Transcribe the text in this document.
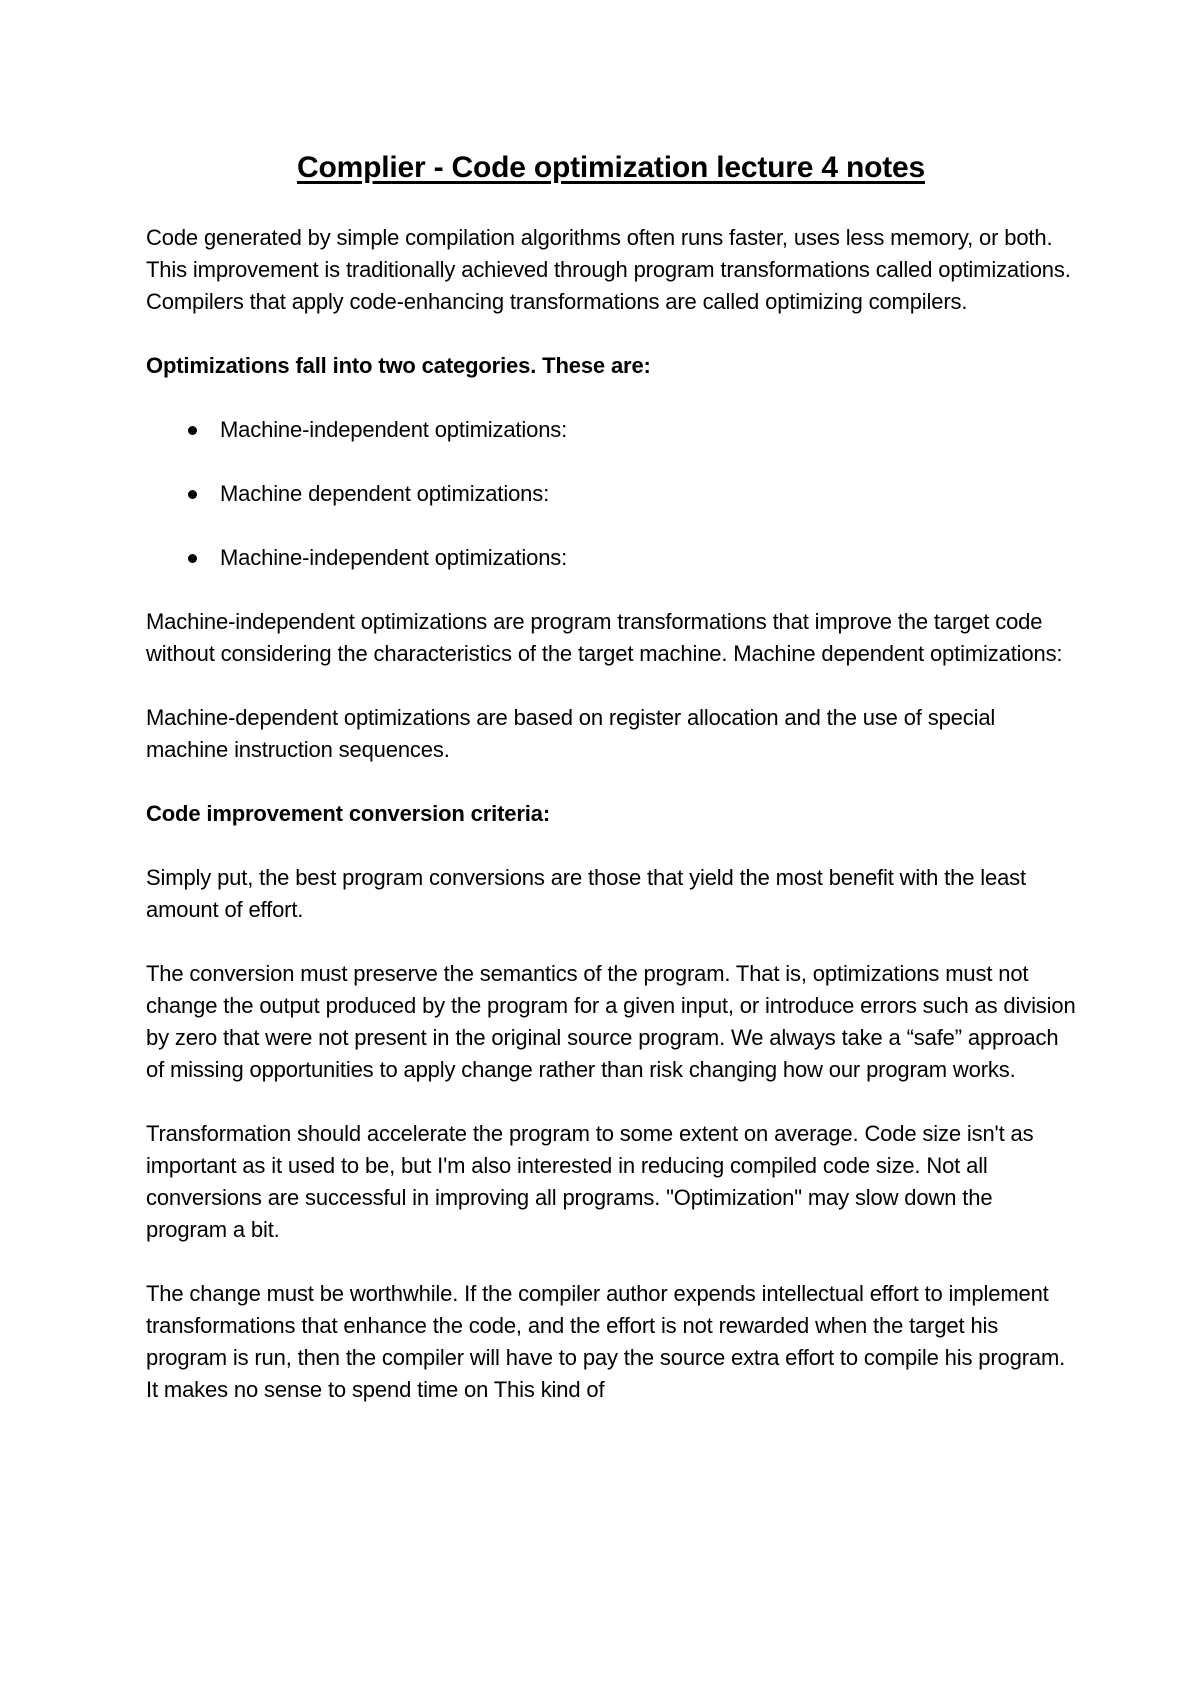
Complier - Code optimization lecture 4 notes

Code generated by simple compilation algorithms often runs faster, uses less memory, or both. This improvement is traditionally achieved through program transformations called optimizations. Compilers that apply code-enhancing transformations are called optimizing compilers.

Optimizations fall into two categories. These are:

Machine-independent optimizations:
Machine dependent optimizations:
Machine-independent optimizations:

Machine-independent optimizations are program transformations that improve the target code without considering the characteristics of the target machine. Machine dependent optimizations:

Machine-dependent optimizations are based on register allocation and the use of special machine instruction sequences.

Code improvement conversion criteria:

Simply put, the best program conversions are those that yield the most benefit with the least amount of effort.

The conversion must preserve the semantics of the program. That is, optimizations must not change the output produced by the program for a given input, or introduce errors such as division by zero that were not present in the original source program. We always take a “safe” approach of missing opportunities to apply change rather than risk changing how our program works.

Transformation should accelerate the program to some extent on average. Code size isn't as important as it used to be, but I'm also interested in reducing compiled code size. Not all conversions are successful in improving all programs. "Optimization" may slow down the program a bit.

The change must be worthwhile. If the compiler author expends intellectual effort to implement transformations that enhance the code, and the effort is not rewarded when the target his program is run, then the compiler will have to pay the source extra effort to compile his program. It makes no sense to spend time on This kind of
